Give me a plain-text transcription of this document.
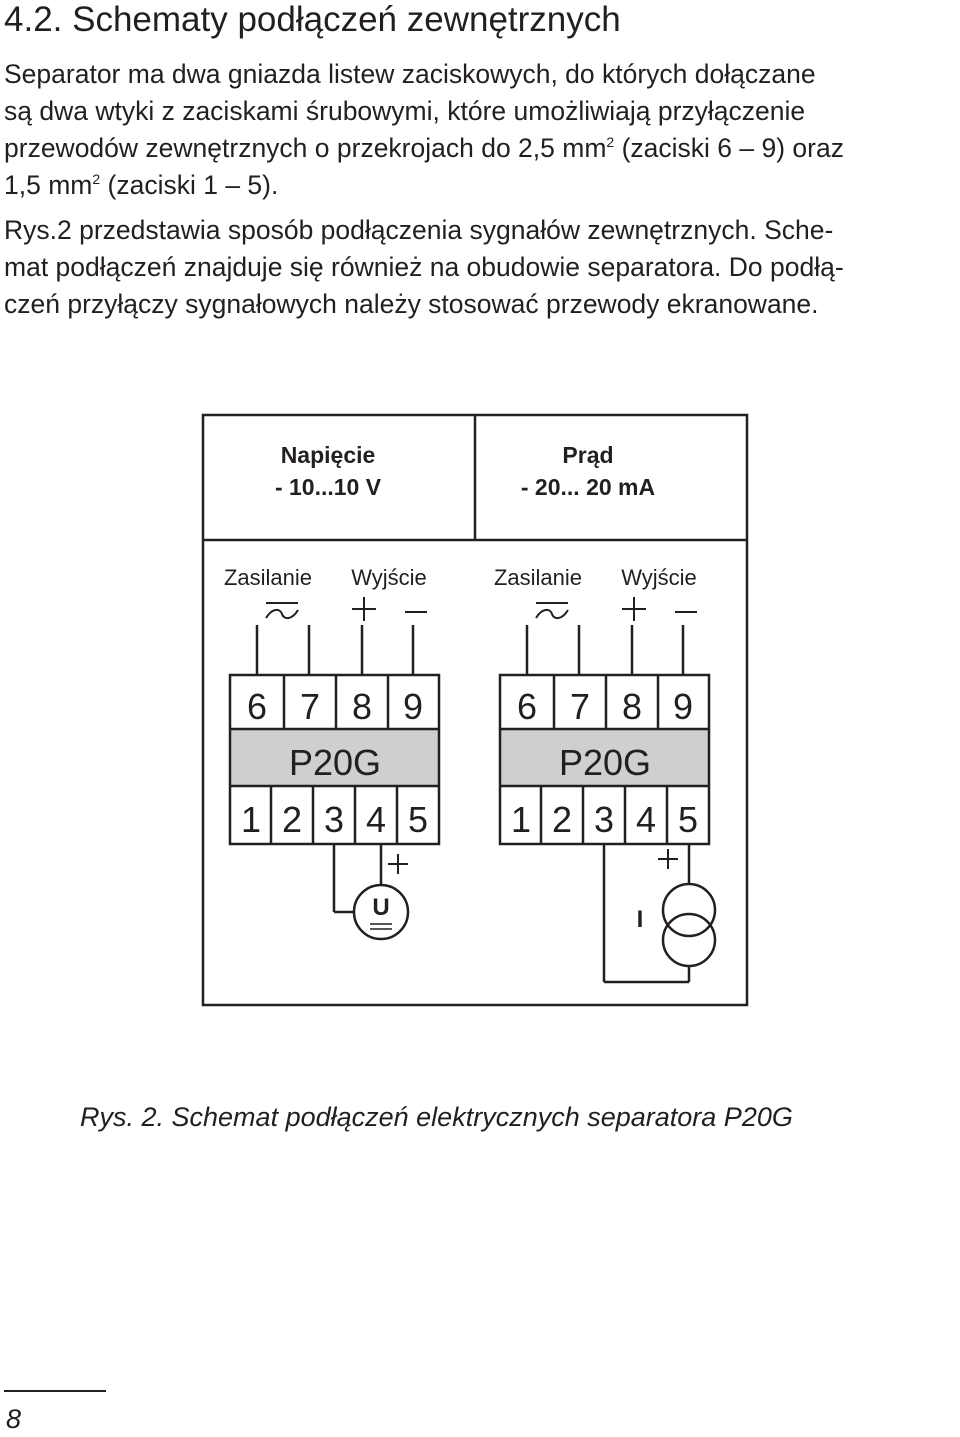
4.2. Schematy podłączeń zewnętrznych

Separator ma dwa gniazda listew zaciskowych, do których dołączane
są dwa wtyki z zaciskami śrubowymi, które umożliwiają przyłączenie
przewodów zewnętrznych o przekrojach do 2,5 $mm^2$ (zaciski 6 – 9) oraz
1,5 $mm^2$ (zaciski 1 – 5).

Rys.2 przedstawia sposób podłączenia sygnałów zewnętrznych. Sche-
mat podłączeń znajduje się również na obudowie separatora. Do podłą-
czeń przyłączy sygnałowych należy stosować przewody ekranowane.

Napięcie
- 10...10 V
Zasilanie Wyjście
6 7 8 9
P20G
1 2 3 4 5
U
Prąd
- 20... 20 mA
Zasilanie Wyjście
6 7 8 9
P20G
1 2 3 4 5
I

Rys. 2. Schemat podłączeń elektrycznych separatora P20G

8
